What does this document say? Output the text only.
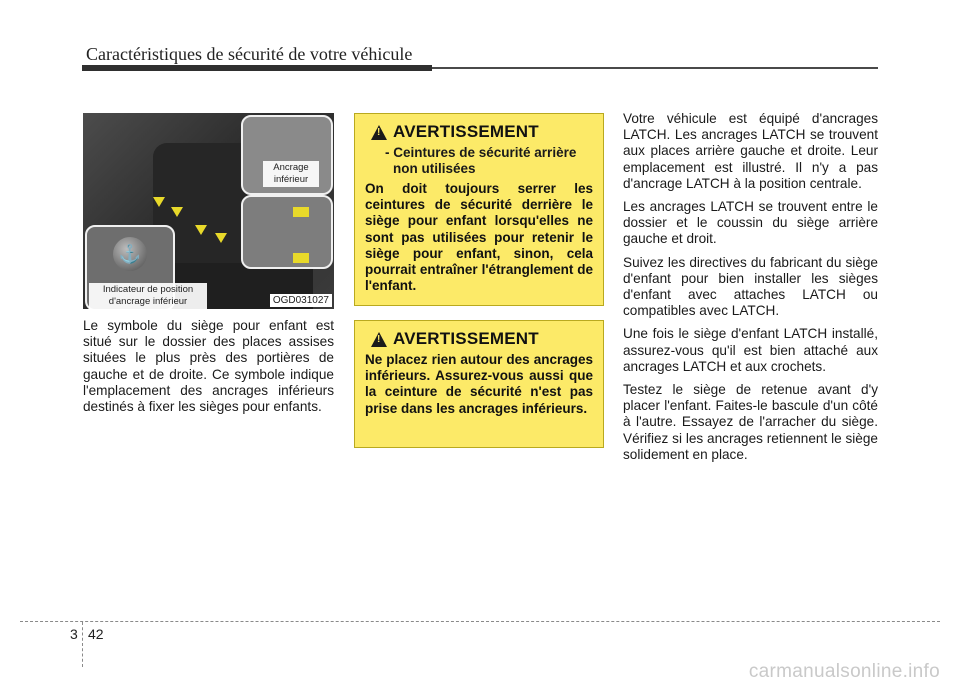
Caractéristiques de sécurité de votre véhicule
⚓
Ancrage inférieur
Indicateur de position d'ancrage inférieur	OGD031027
Le symbole du siège pour enfant est situé sur le dossier des places assises situées le plus près des portières de gauche et de droite. Ce symbole indique l'emplacement des ancrages inférieurs destinés à fixer les sièges pour enfants.
! AVERTISSEMENT
- Ceintures de sécurité arrière non utilisées
On doit toujours serrer les ceintures de sécurité derrière le siège pour enfant lorsqu'elles ne sont pas utilisées pour retenir le siège pour enfant, sinon, cela pourrait entraîner l'étranglement de l'enfant.
! AVERTISSEMENT
Ne placez rien autour des ancrages inférieurs. Assurez-vous aussi que la ceinture de sécurité n'est pas prise dans les ancrages inférieurs.

Votre véhicule est équipé d'ancrages LATCH. Les ancrages LATCH se trouvent aux places arrière gauche et droite. Leur emplacement est illustré. Il n'y a pas d'ancrage LATCH à la position centrale.

Les ancrages LATCH se trouvent entre le dossier et le coussin du siège arrière gauche et droit.

Suivez les directives du fabricant du siège d'enfant pour bien installer les sièges d'enfant avec attaches LATCH ou compatibles avec LATCH.

Une fois le siège d'enfant LATCH installé, assurez-vous qu'il est bien attaché aux ancrages LATCH et aux crochets.

Testez le siège de retenue avant d'y placer l'enfant. Faites-le bascule d'un côté à l'autre. Essayez de l'arracher du siège. Vérifiez si les ancrages retiennent le siège solidement en place.

3 42
carmanualsonline.info
